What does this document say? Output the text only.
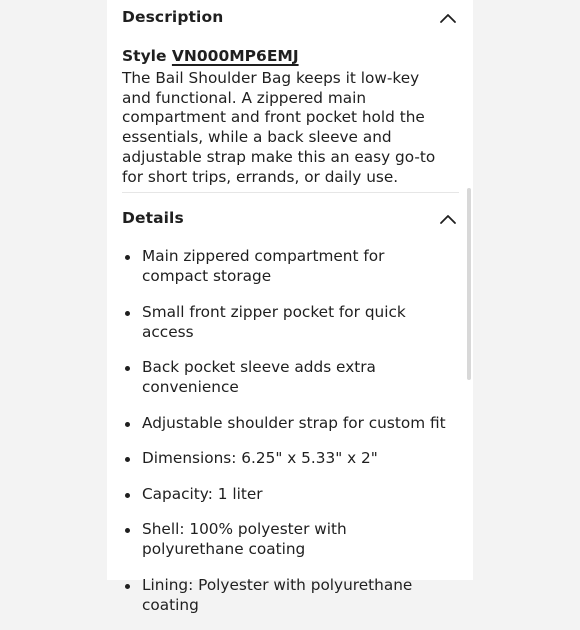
Description
Style VN000MP6EMJ
The Bail Shoulder Bag keeps it low-key and functional. A zippered main compartment and front pocket hold the essentials, while a back sleeve and adjustable strap make this an easy go-to for short trips, errands, or daily use.
Details
Main zippered compartment for compact storage
Small front zipper pocket for quick access
Back pocket sleeve adds extra convenience
Adjustable shoulder strap for custom fit
Dimensions: 6.25" x 5.33" x 2"
Capacity: 1 liter
Shell: 100% polyester with polyurethane coating
Lining: Polyester with polyurethane coating
